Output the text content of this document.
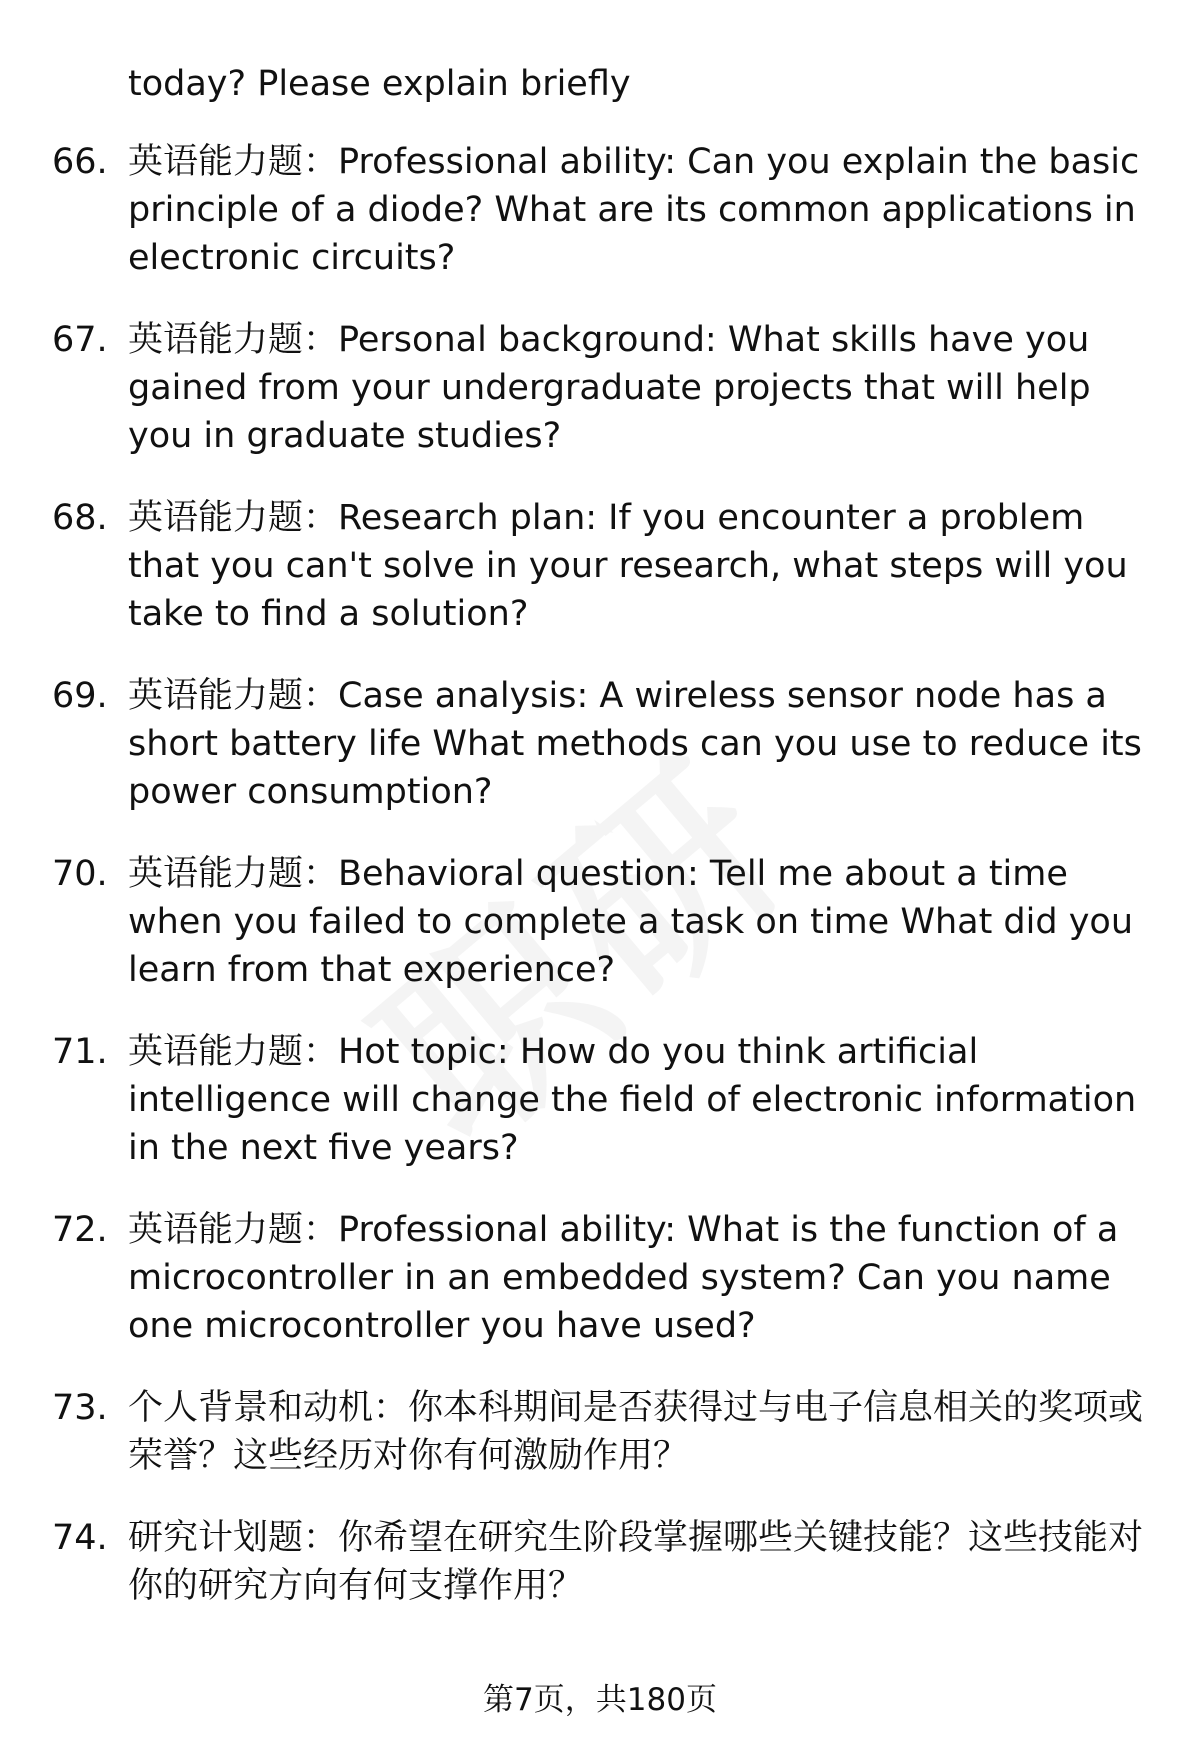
today? Please explain briefly
66. 英语能力题：Professional ability: Can you explain the basic principle of a diode? What are its common applications in electronic circuits?
67. 英语能力题：Personal background: What skills have you gained from your undergraduate projects that will help you in graduate studies?
68. 英语能力题：Research plan: If you encounter a problem that you can't solve in your research, what steps will you take to find a solution?
69. 英语能力题：Case analysis: A wireless sensor node has a short battery life What methods can you use to reduce its power consumption?
70. 英语能力题：Behavioral question: Tell me about a time when you failed to complete a task on time What did you learn from that experience?
71. 英语能力题：Hot topic: How do you think artificial intelligence will change the field of electronic information in the next five years?
72. 英语能力题：Professional ability: What is the function of a microcontroller in an embedded system? Can you name one microcontroller you have used?
73. 个人背景和动机：你本科期间是否获得过与电子信息相关的奖项或荣誉？这些经历对你有何激励作用？
74. 研究计划题：你希望在研究生阶段掌握哪些关键技能？这些技能对你的研究方向有何支撑作用？
第7页，共180页
